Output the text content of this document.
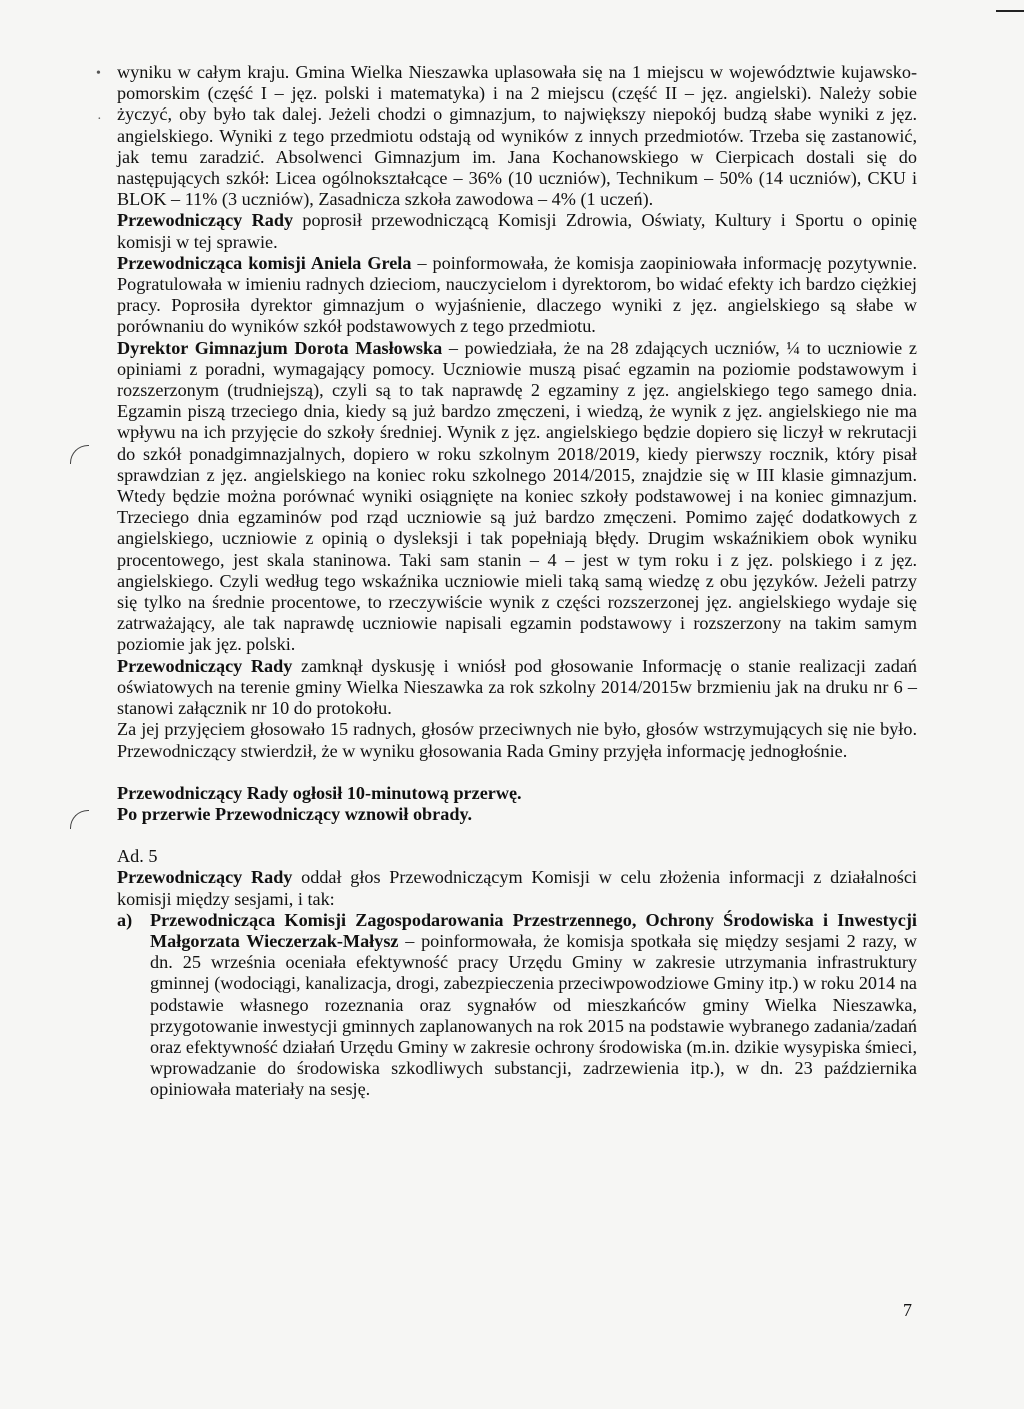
•
·

wyniku w całym kraju. Gmina Wielka Nieszawka uplasowała się na 1 miejscu w województwie kujawsko-pomorskim (część I – jęz. polski i matematyka) i na 2 miejscu (część II – jęz. angielski). Należy sobie życzyć, oby było tak dalej. Jeżeli chodzi o gimnazjum, to największy niepokój budzą słabe wyniki z jęz. angielskiego. Wyniki z tego przedmiotu odstają od wyników z innych przedmiotów. Trzeba się zastanowić, jak temu zaradzić. Absolwenci Gimnazjum im. Jana Kochanowskiego w Cierpicach dostali się do następujących szkół: Licea ogólnokształcące – 36% (10 uczniów), Technikum – 50% (14 uczniów), CKU i BLOK – 11% (3 uczniów), Zasadnicza szkoła zawodowa – 4% (1 uczeń).

Przewodniczący Rady poprosił przewodniczącą Komisji Zdrowia, Oświaty, Kultury i Sportu o opinię komisji w tej sprawie.

Przewodnicząca komisji Aniela Grela – poinformowała, że komisja zaopiniowała informację pozytywnie. Pogratulowała w imieniu radnych dzieciom, nauczycielom i dyrektorom, bo widać efekty ich bardzo ciężkiej pracy. Poprosiła dyrektor gimnazjum o wyjaśnienie, dlaczego wyniki z jęz. angielskiego są słabe w porównaniu do wyników szkół podstawowych z tego przedmiotu.

Dyrektor Gimnazjum Dorota Masłowska – powiedziała, że na 28 zdających uczniów, ¼ to uczniowie z opiniami z poradni, wymagający pomocy. Uczniowie muszą pisać egzamin na poziomie podstawowym i rozszerzonym (trudniejszą), czyli są to tak naprawdę 2 egzaminy z jęz. angielskiego tego samego dnia. Egzamin piszą trzeciego dnia, kiedy są już bardzo zmęczeni, i wiedzą, że wynik z jęz. angielskiego nie ma wpływu na ich przyjęcie do szkoły średniej. Wynik z jęz. angielskiego będzie dopiero się liczył w rekrutacji do szkół ponadgimnazjalnych, dopiero w roku szkolnym 2018/2019, kiedy pierwszy rocznik, który pisał sprawdzian z jęz. angielskiego na koniec roku szkolnego 2014/2015, znajdzie się w III klasie gimnazjum. Wtedy będzie można porównać wyniki osiągnięte na koniec szkoły podstawowej i na koniec gimnazjum. Trzeciego dnia egzaminów pod rząd uczniowie są już bardzo zmęczeni. Pomimo zajęć dodatkowych z angielskiego, uczniowie z opinią o dysleksji i tak popełniają błędy. Drugim wskaźnikiem obok wyniku procentowego, jest skala staninowa. Taki sam stanin – 4 – jest w tym roku i z jęz. polskiego i z jęz. angielskiego. Czyli według tego wskaźnika uczniowie mieli taką samą wiedzę z obu języków. Jeżeli patrzy się tylko na średnie procentowe, to rzeczywiście wynik z części rozszerzonej jęz. angielskiego wydaje się zatrważający, ale tak naprawdę uczniowie napisali egzamin podstawowy i rozszerzony na takim samym poziomie jak jęz. polski.

Przewodniczący Rady zamknął dyskusję i wniósł pod głosowanie Informację o stanie realizacji zadań oświatowych na terenie gminy Wielka Nieszawka za rok szkolny 2014/2015w brzmieniu jak na druku nr 6 – stanowi załącznik nr 10 do protokołu.

Za jej przyjęciem głosowało 15 radnych, głosów przeciwnych nie było, głosów wstrzymujących się nie było. Przewodniczący stwierdził, że w wyniku głosowania Rada Gminy przyjęła informację jednogłośnie.

Przewodniczący Rady ogłosił 10-minutową przerwę.

Po przerwie Przewodniczący wznowił obrady.

Ad. 5

Przewodniczący Rady oddał głos Przewodniczącym Komisji w celu złożenia informacji z działalności komisji między sesjami, i tak:

a) Przewodnicząca Komisji Zagospodarowania Przestrzennego, Ochrony Środowiska i Inwestycji Małgorzata Wieczerzak-Małysz – poinformowała, że komisja spotkała się między sesjami 2 razy, w dn. 25 września oceniała efektywność pracy Urzędu Gminy w zakresie utrzymania infrastruktury gminnej (wodociągi, kanalizacja, drogi, zabezpieczenia przeciwpowodziowe Gminy itp.) w roku 2014 na podstawie własnego rozeznania oraz sygnałów od mieszkańców gminy Wielka Nieszawka, przygotowanie inwestycji gminnych zaplanowanych na rok 2015 na podstawie wybranego zadania/zadań oraz efektywność działań Urzędu Gminy w zakresie ochrony środowiska (m.in. dzikie wysypiska śmieci, wprowadzanie do środowiska szkodliwych substancji, zadrzewienia itp.), w dn. 23 października opiniowała materiały na sesję.
7
